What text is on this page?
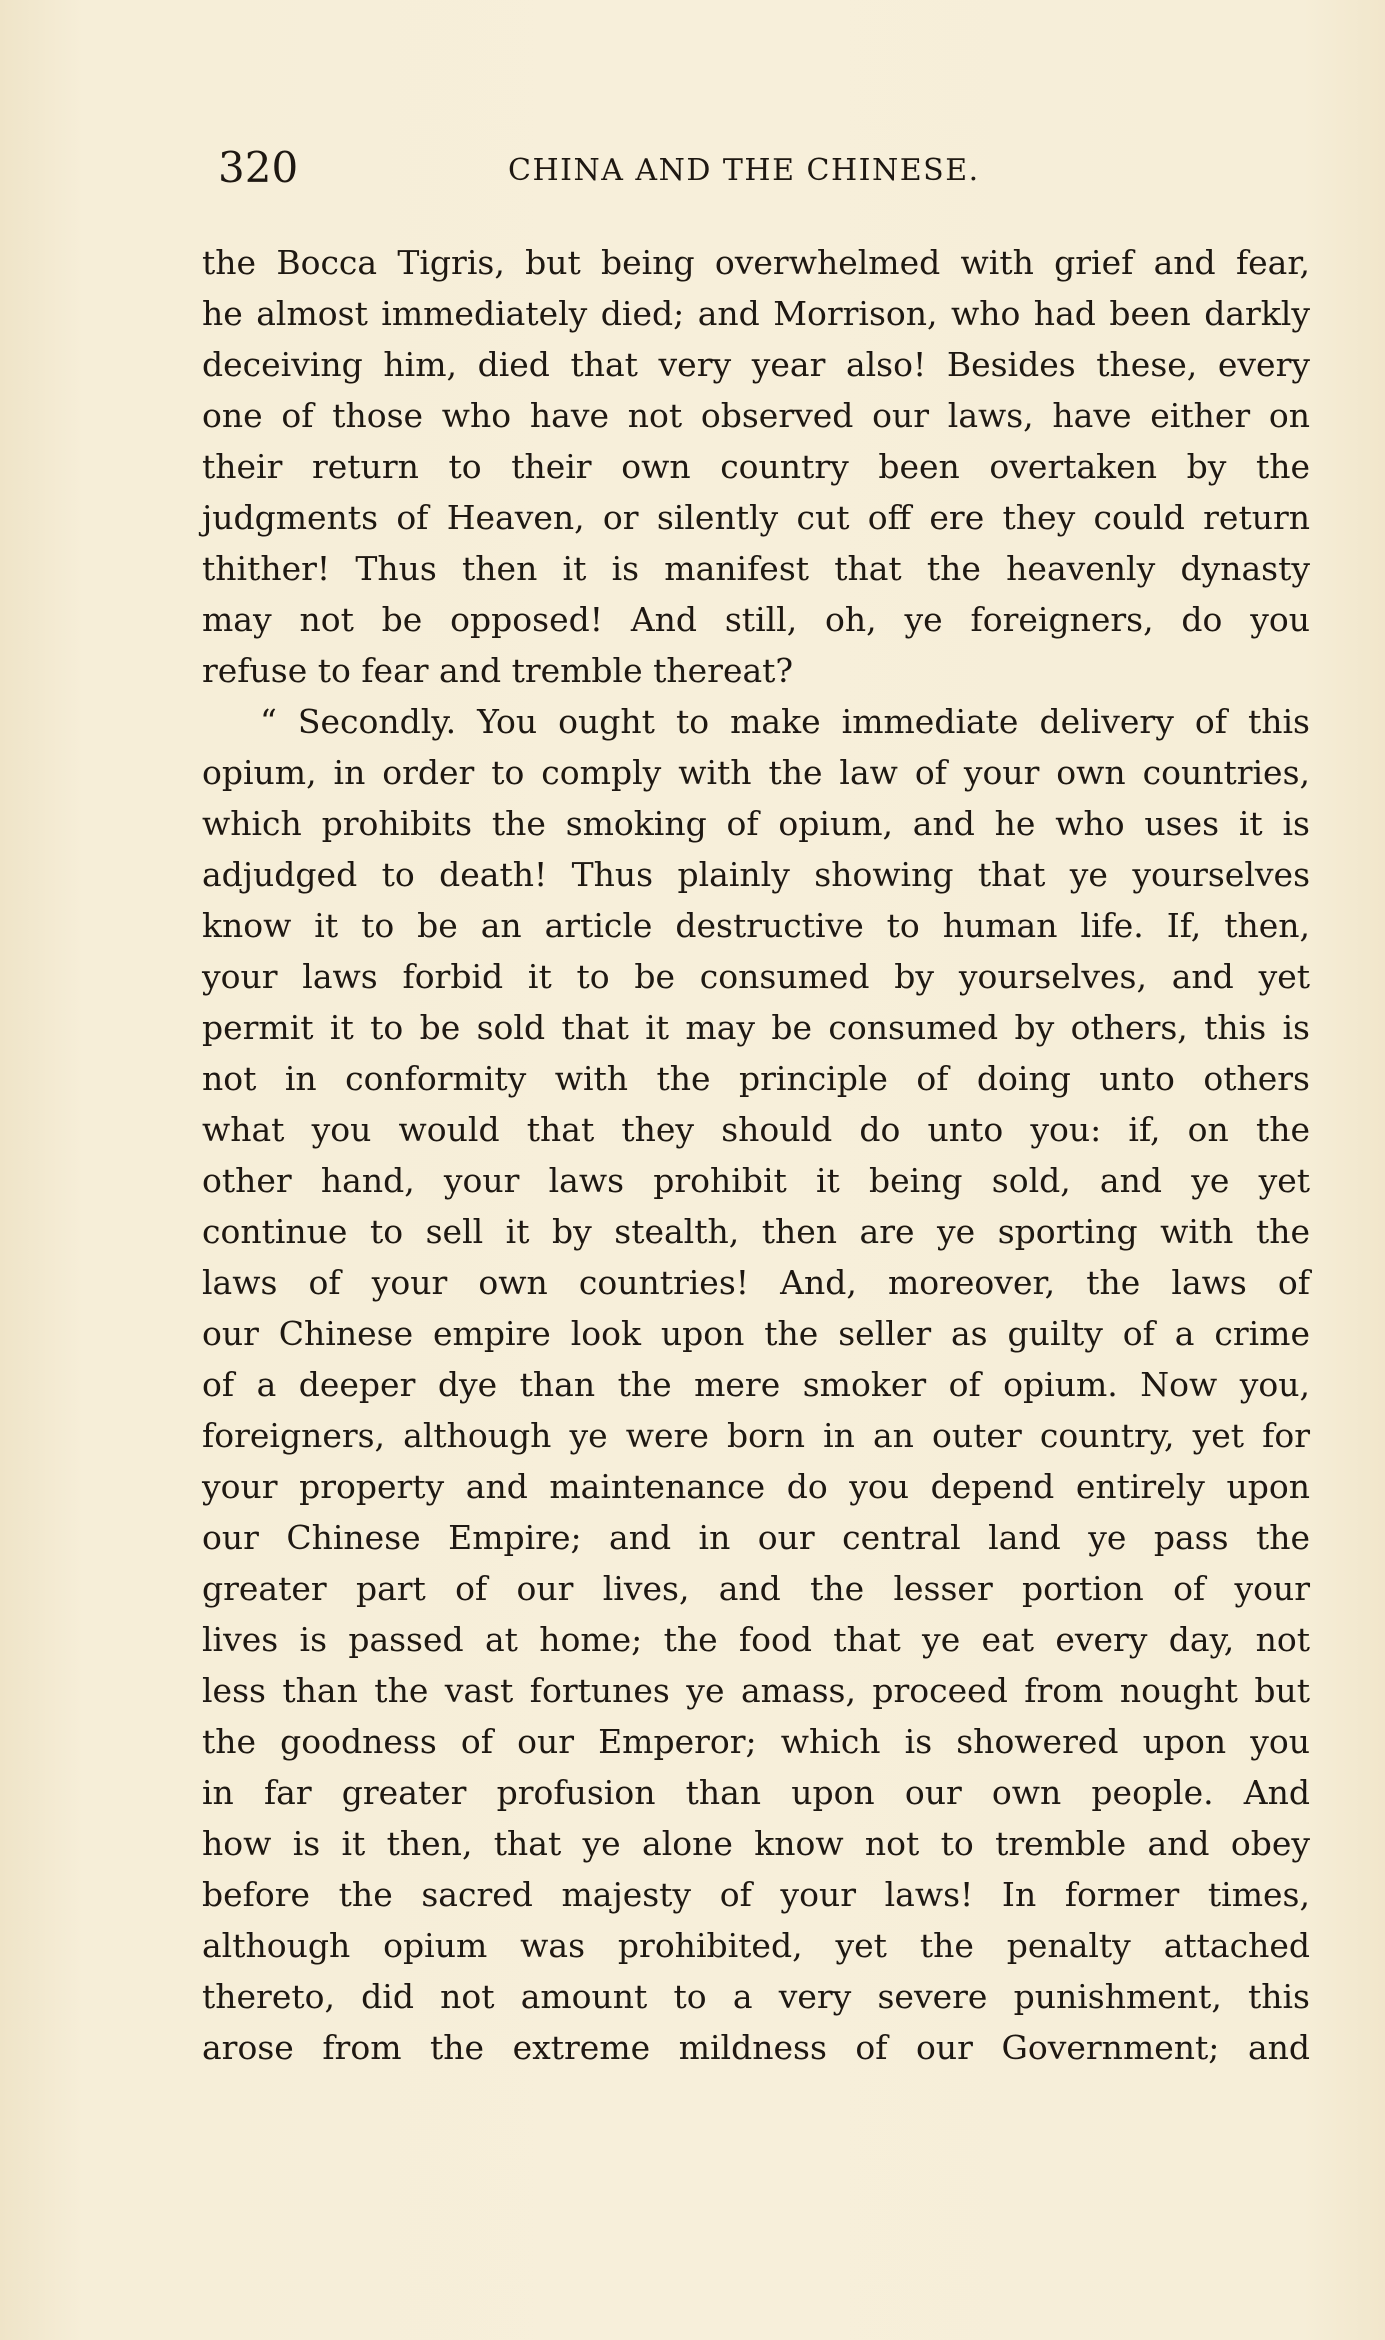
320	CHINA AND THE CHINESE.
the Bocca Tigris, but being overwhelmed with grief and fear,
he almost immediately died; and Morrison, who had been darkly
deceiving him, died that very year also! Besides these, every
one of those who have not observed our laws, have either on
their return to their own country been overtaken by the
judgments of Heaven, or silently cut off ere they could return
thither! Thus then it is manifest that the heavenly dynasty
may not be opposed! And still, oh, ye foreigners, do you
refuse to fear and tremble thereat?
“ Secondly. You ought to make immediate delivery of this
opium, in order to comply with the law of your own countries,
which prohibits the smoking of opium, and he who uses it is
adjudged to death! Thus plainly showing that ye yourselves
know it to be an article destructive to human life. If, then,
your laws forbid it to be consumed by yourselves, and yet
permit it to be sold that it may be consumed by others, this is
not in conformity with the principle of doing unto others
what you would that they should do unto you: if, on the
other hand, your laws prohibit it being sold, and ye yet
continue to sell it by stealth, then are ye sporting with the
laws of your own countries! And, moreover, the laws of
our Chinese empire look upon the seller as guilty of a crime
of a deeper dye than the mere smoker of opium. Now you,
foreigners, although ye were born in an outer country, yet for
your property and maintenance do you depend entirely upon
our Chinese Empire; and in our central land ye pass the
greater part of our lives, and the lesser portion of your
lives is passed at home; the food that ye eat every day, not
less than the vast fortunes ye amass, proceed from nought but
the goodness of our Emperor; which is showered upon you
in far greater profusion than upon our own people. And
how is it then, that ye alone know not to tremble and obey
before the sacred majesty of your laws! In former times,
although opium was prohibited, yet the penalty attached
thereto, did not amount to a very severe punishment, this
arose from the extreme mildness of our Government; and
